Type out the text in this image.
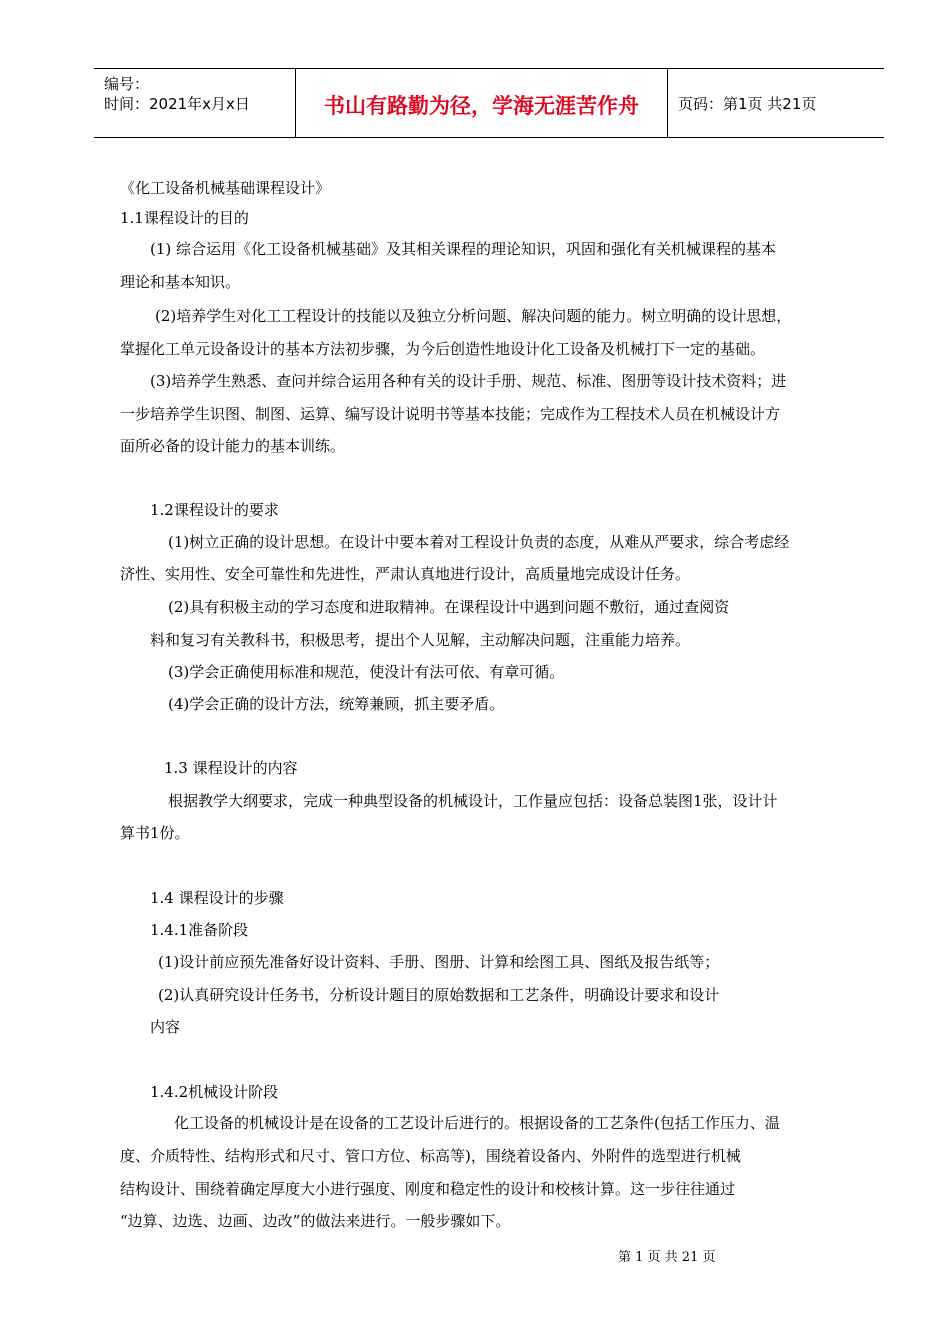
编号：
时间：2021年x月x日	书山有路勤为径，学海无涯苦作舟	页码：第1页 共21页
《化工设备机械基础课程设计》
1.1课程设计的目的
(1) 综合运用《化工设备机械基础》及其相关课程的理论知识，巩固和强化有关机械课程的基本
理论和基本知识。
(2)培养学生对化工工程设计的技能以及独立分析问题、解决问题的能力。树立明确的设计思想，
掌握化工单元设备设计的基本方法初步骤，为今后创造性地设计化工设备及机械打下一定的基础。
(3)培养学生熟悉、查问并综合运用各种有关的设计手册、规范、标准、图册等设计技术资料；进
一步培养学生识图、制图、运算、编写设计说明书等基本技能；完成作为工程技术人员在机械设计方
面所必备的设计能力的基本训练。
1.2课程设计的要求
(1)树立正确的设计思想。在设计中要本着对工程设计负责的态度，从难从严要求，综合考虑经
济性、实用性、安全可靠性和先进性，严肃认真地进行设计，高质量地完成设计任务。
(2)具有积极主动的学习态度和进取精神。在课程设计中遇到问题不敷衍，通过查阅资
料和复习有关教科书，积极思考，提出个人见解，主动解决问题，注重能力培养。
(3)学会正确使用标准和规范，使没计有法可依、有章可循。
(4)学会正确的设计方法，统筹兼顾，抓主要矛盾。
1.3 课程设计的内容
根据教学大纲要求，完成一种典型设备的机械设计，工作量应包括：设备总装图1张，设计计
算书1份。
1.4 课程设计的步骤
1.4.1准备阶段
(1)设计前应预先准备好设计资料、手册、图册、计算和绘图工具、图纸及报告纸等；
(2)认真研究设计任务书，分析设计题目的原始数据和工艺条件，明确设计要求和设计
内容
1.4.2机械设计阶段
化工设备的机械设计是在设备的工艺设计后进行的。根据设备的工艺条件(包括工作压力、温
度、介质特性、结构形式和尺寸、管口方位、标高等)，围绕着设备内、外附件的选型进行机械
结构设计、围绕着确定厚度大小进行强度、刚度和稳定性的设计和校核计算。这一步往往通过
“边算、边选、边画、边改”的做法来进行。一般步骤如下。
第 1 页 共 21 页
